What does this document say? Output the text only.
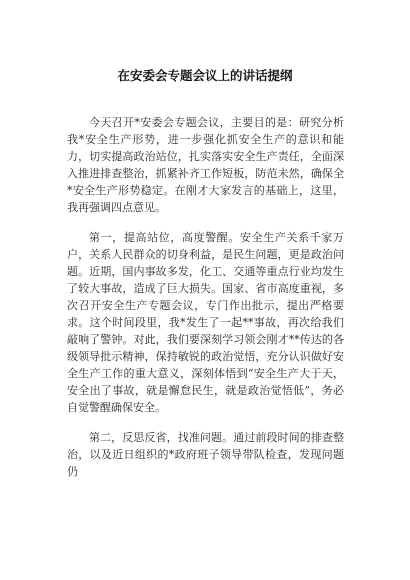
在安委会专题会议上的讲话提纲

今天召开*安委会专题会议，主要目的是：研究分析我*安全生产形势，进一步强化抓安全生产的意识和能力，切实提高政治站位，扎实落实安全生产责任，全面深入推进排查整治，抓紧补齐工作短板，防范未然，确保全*安全生产形势稳定。在刚才大家发言的基础上，这里，我再强调四点意见。

第一，提高站位，高度警醒。安全生产关系千家万户，关系人民群众的切身利益，是民生问题，更是政治问题。近期，国内事故多发，化工、交通等重点行业均发生了较大事故，造成了巨大损失。国家、省市高度重视，多次召开安全生产专题会议，专门作出批示，提出严格要求。这个时间段里，我*发生了一起**事故，再次给我们敲响了警钟。对此，我们要深刻学习领会刚才**传达的各级领导批示精神，保持敏锐的政治觉悟，充分认识做好安全生产工作的重大意义，深刻体悟到“安全生产大于天，安全出了事故，就是懈怠民生，就是政治觉悟低”，务必自觉警醒确保安全。

第二，反思反省，找准问题。通过前段时间的排查整治，以及近日组织的*政府班子领导带队检查，发现问题仍
